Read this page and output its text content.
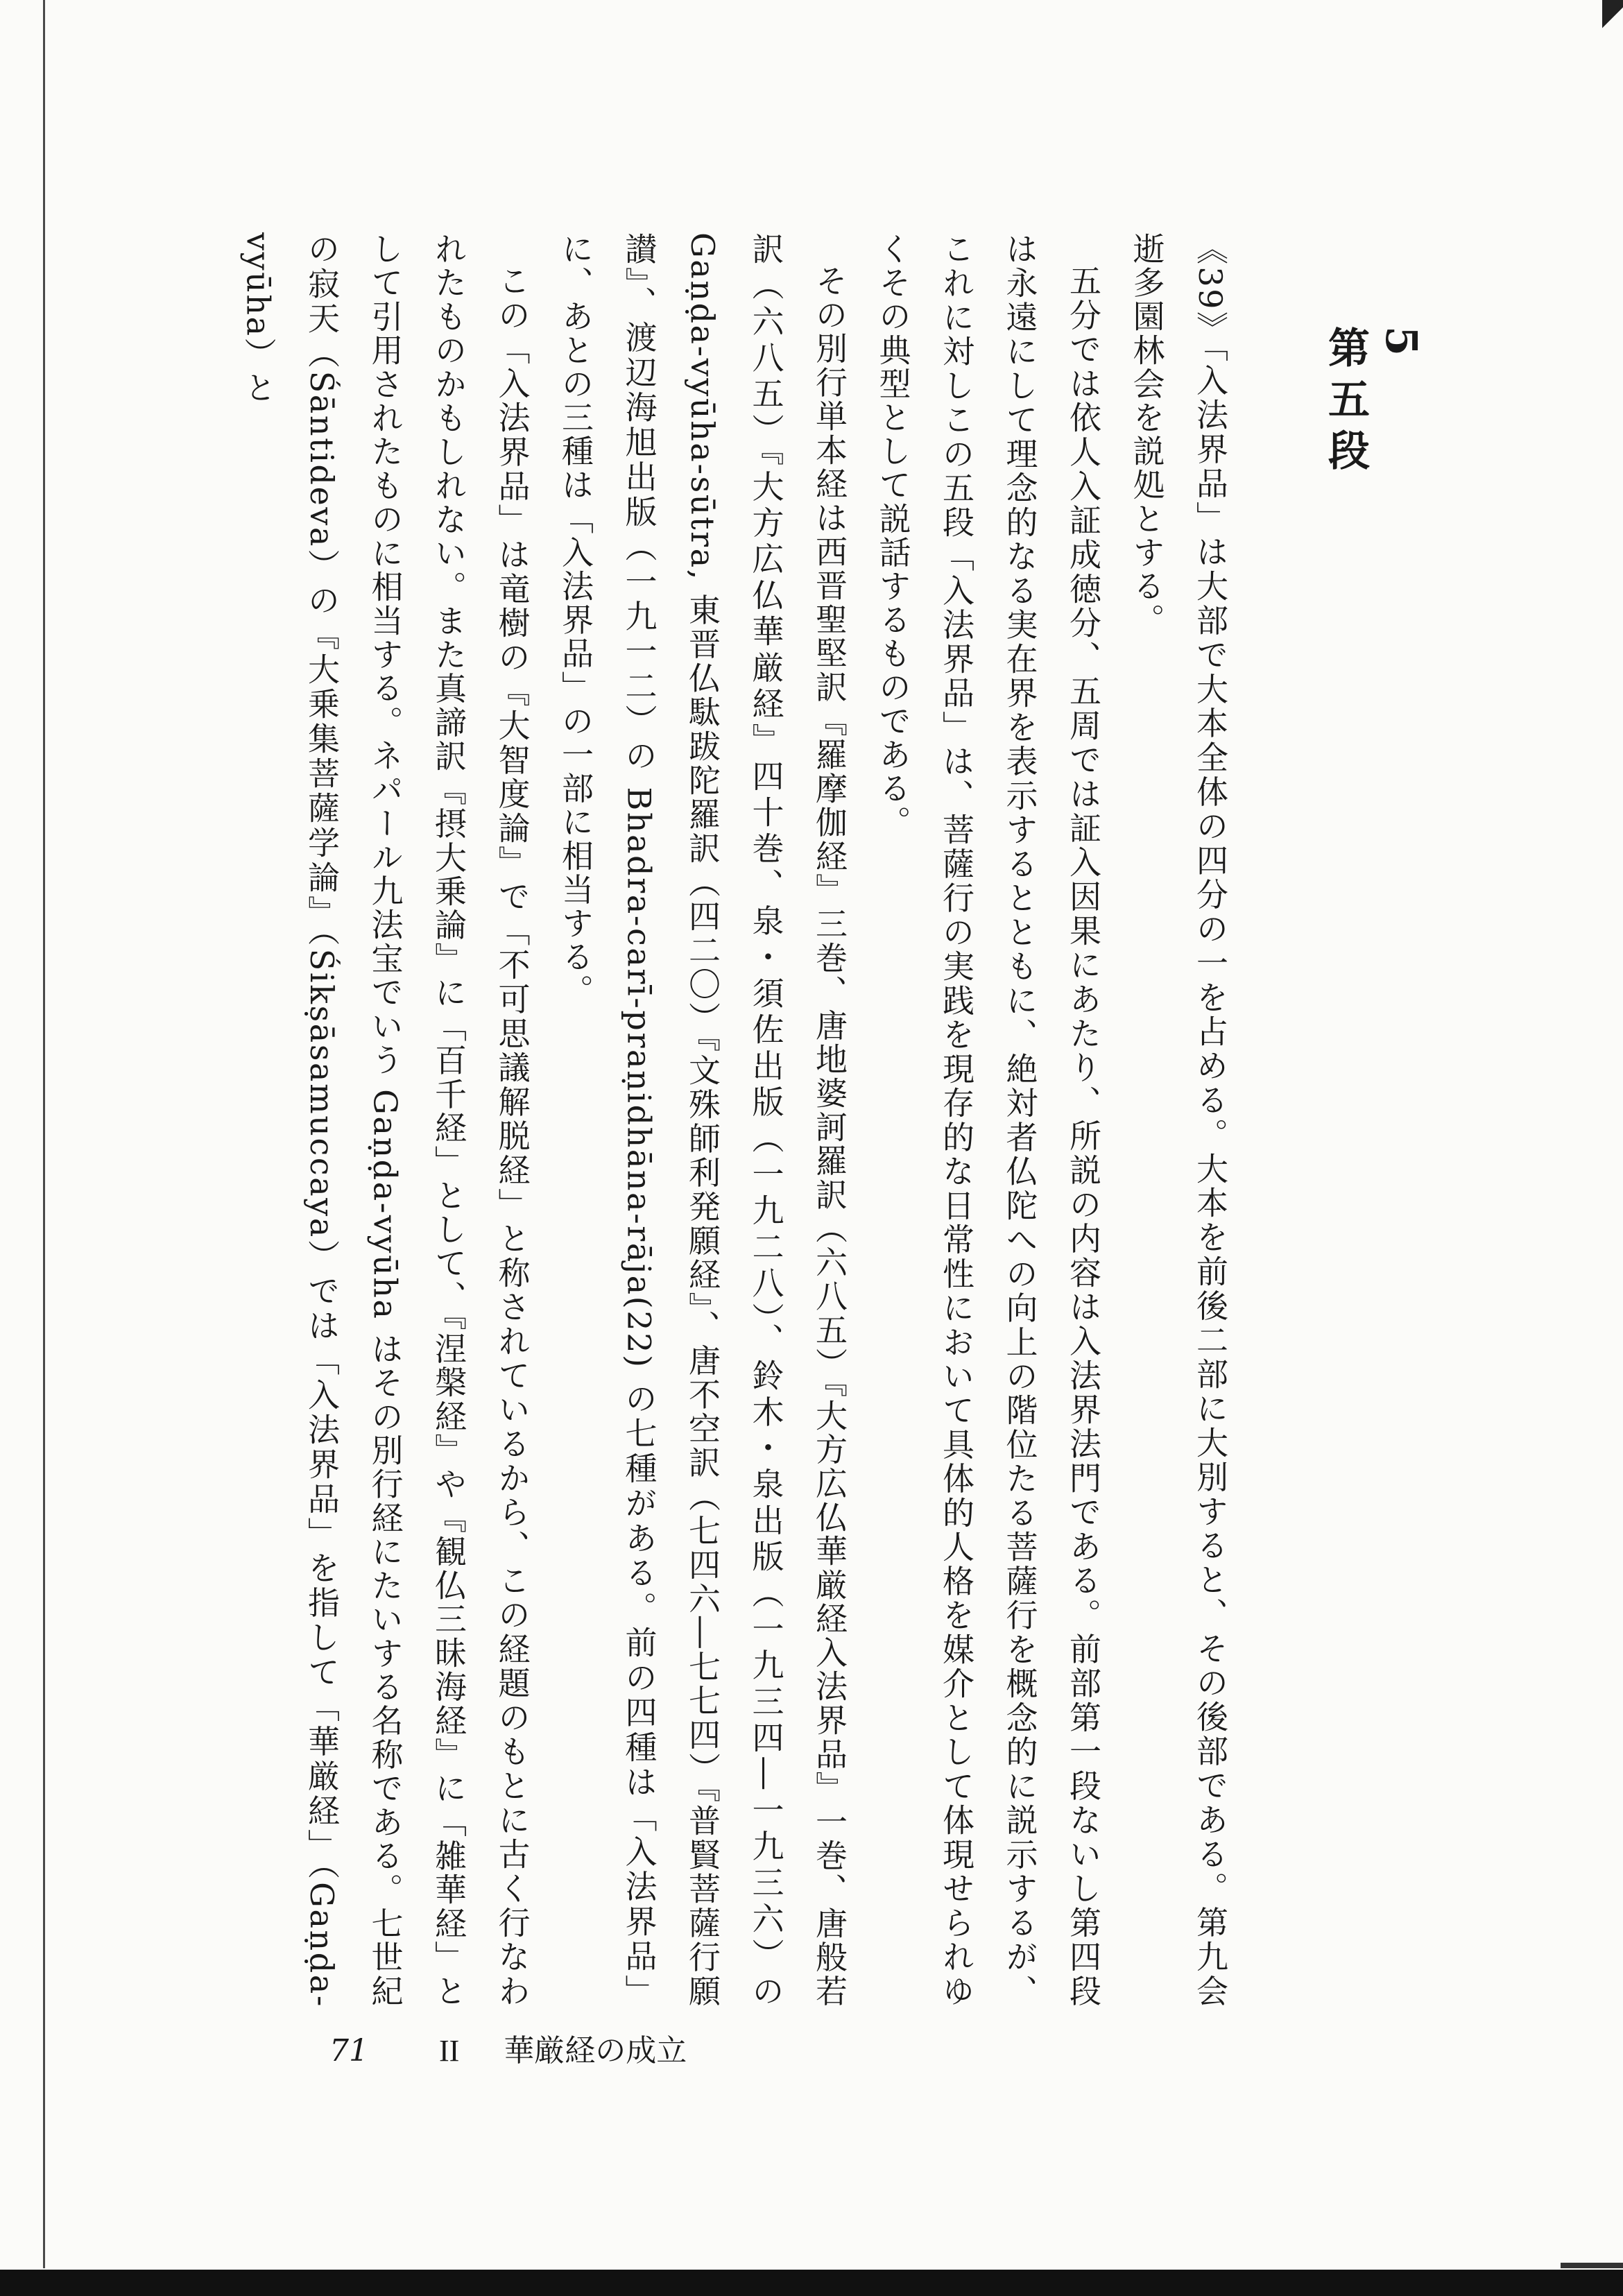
5
第五段

《39》「入法界品」は大部で大本全体の四分の一を占める。大本を前後二部に大別すると、その後部である。第九会逝多園林会を説処とする。

五分では依人入証成徳分、五周では証入因果にあたり、所説の内容は入法界法門である。前部第一段ないし第四段は永遠にして理念的なる実在界を表示するとともに、絶対者仏陀への向上の階位たる菩薩行を概念的に説示するが、これに対しこの五段「入法界品」は、菩薩行の実践を現存的な日常性において具体的人格を媒介として体現せられゆくその典型として説話するものである。

その別行単本経は西晋聖堅訳『羅摩伽経』三巻、唐地婆訶羅訳（六八五）『大方広仏華厳経入法界品』一巻、唐般若訳（六八五）『大方広仏華厳経』四十巻、泉・須佐出版（一九二八）、鈴木・泉出版（一九三四―一九三六）の Gaṇḍa-vyūha-sūtra, 東晋仏駄跋陀羅訳（四二〇）『文殊師利発願経』、唐不空訳（七四六―七七四）『普賢菩薩行願讃』、渡辺海旭出版（一九一二）の Bhadra-carī-praṇidhāna-rāja(22) の七種がある。前の四種は「入法界品」に、あとの三種は「入法界品」の一部に相当する。

この「入法界品」は竜樹の『大智度論』で「不可思議解脱経」と称されているから、この経題のもとに古く行なわれたものかもしれない。また真諦訳『摂大乗論』に「百千経」として、『涅槃経』や『観仏三昧海経』に「雑華経」として引用されたものに相当する。ネパール九法宝でいう Gaṇḍa-vyūha はその別行経にたいする名称である。七世紀の寂天（Śāntideva）の『大乗集菩薩学論』（Śikṣāsamuccaya）では「入法界品」を指して「華厳経」（Gaṇḍa-vyūha）と

71 II 華厳経の成立
